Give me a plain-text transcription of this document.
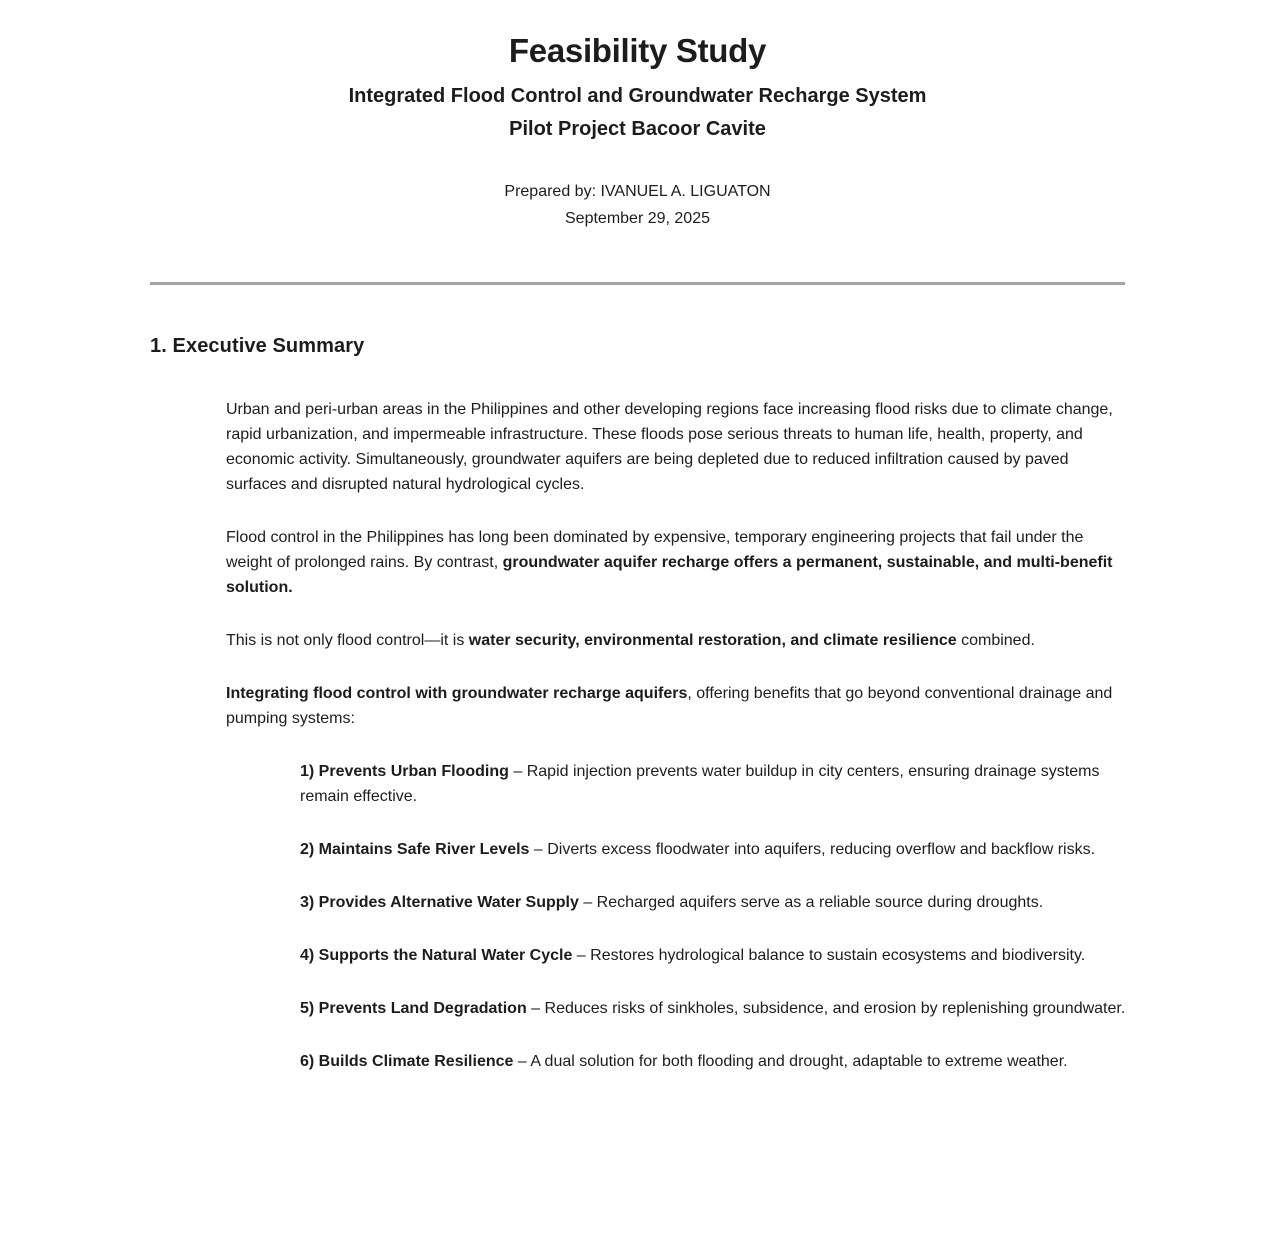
Feasibility Study
Integrated Flood Control and Groundwater Recharge System
Pilot Project Bacoor Cavite
Prepared by: IVANUEL A. LIGUATON
September 29, 2025
1. Executive Summary

Urban and peri-urban areas in the Philippines and other developing regions face increasing flood risks due to climate change, rapid urbanization, and impermeable infrastructure. These floods pose serious threats to human life, health, property, and economic activity. Simultaneously, groundwater aquifers are being depleted due to reduced infiltration caused by paved surfaces and disrupted natural hydrological cycles.

Flood control in the Philippines has long been dominated by expensive, temporary engineering projects that fail under the weight of prolonged rains. By contrast, groundwater aquifer recharge offers a permanent, sustainable, and multi-benefit solution.

This is not only flood control—it is water security, environmental restoration, and climate resilience combined.

Integrating flood control with groundwater recharge aquifers, offering benefits that go beyond conventional drainage and pumping systems:

1) Prevents Urban Flooding – Rapid injection prevents water buildup in city centers, ensuring drainage systems remain effective.

2) Maintains Safe River Levels – Diverts excess floodwater into aquifers, reducing overflow and backflow risks.

3) Provides Alternative Water Supply – Recharged aquifers serve as a reliable source during droughts.

4) Supports the Natural Water Cycle – Restores hydrological balance to sustain ecosystems and biodiversity.

5) Prevents Land Degradation – Reduces risks of sinkholes, subsidence, and erosion by replenishing groundwater.

6) Builds Climate Resilience – A dual solution for both flooding and drought, adaptable to extreme weather.
